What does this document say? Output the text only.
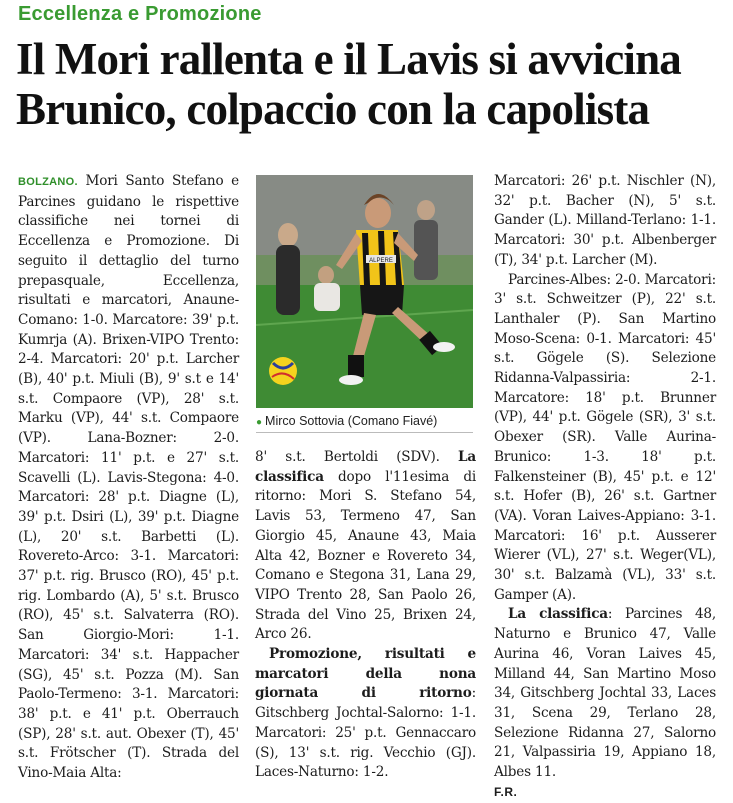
Eccellenza e Promozione
Il Mori rallenta e il Lavis si avvicina
Brunico, colpaccio con la capolista

BOLZANO. Mori Santo Stefano e Parcines guidano le rispettive classifiche nei tornei di Eccellenza e Promozione. Di seguito il dettaglio del turno prepasquale, Eccellenza, risultati e marcatori, Anaune-Comano: 1-0. Marcatore: 39' p.t. Kumrja (A). Brixen-VIPO Trento: 2-4. Marcatori: 20' p.t. Larcher (B), 40' p.t. Miuli (B), 9' s.t e 14' s.t. Compaore (VP), 28' s.t. Marku (VP), 44' s.t. Compaore (VP). Lana-Bozner: 2-0. Marcatori: 11' p.t. e 27' s.t. Scavelli (L). Lavis-Stegona: 4-0. Marcatori: 28' p.t. Diagne (L), 39' p.t. Dsiri (L), 39' p.t. Diagne (L), 20' s.t. Barbetti (L). Rovereto-Arco: 3-1. Marcatori: 37' p.t. rig. Brusco (RO), 45' p.t. rig. Lombardo (A), 5' s.t. Brusco (RO), 45' s.t. Salvaterra (RO). San Giorgio-Mori: 1-1. Marcatori: 34' s.t. Happacher (SG), 45' s.t. Pozza (M). San Paolo-Termeno: 3-1. Marcatori: 38' p.t. e 41' p.t. Oberrauch (SP), 28' s.t. aut. Obexer (T), 45' s.t. Frötscher (T). Strada del Vino-Maia Alta:

ALPERE
● Mirco Sottovia (Comano Fiavé)

8' s.t. Bertoldi (SDV). La classifica dopo l'11esima di ritorno: Mori S. Stefano 54, Lavis 53, Termeno 47, San Giorgio 45, Anaune 43, Maia Alta 42, Bozner e Rovereto 34, Comano e Stegona 31, Lana 29, VIPO Trento 28, San Paolo 26, Strada del Vino 25, Brixen 24, Arco 26.

Promozione, risultati e marcatori della nona giornata di ritorno: Gitschberg Jochtal-Salorno: 1-1. Marcatori: 25' p.t. Gennaccaro (S), 13' s.t. rig. Vecchio (GJ). Laces-Naturno: 1-2.

Marcatori: 26' p.t. Nischler (N), 32' p.t. Bacher (N), 5' s.t. Gander (L). Milland-Terlano: 1-1. Marcatori: 30' p.t. Albenberger (T), 34' p.t. Larcher (M).

Parcines-Albes: 2-0. Marcatori: 3' s.t. Schweitzer (P), 22' s.t. Lanthaler (P). San Martino Moso-Scena: 0-1. Marcatori: 45' s.t. Gögele (S). Selezione Ridanna-Valpassiria: 2-1. Marcatore: 18' p.t. Brunner (VP), 44' p.t. Gögele (SR), 3' s.t. Obexer (SR). Valle Aurina-Brunico: 1-3. 18' p.t. Falkensteiner (B), 45' p.t. e 12' s.t. Hofer (B), 26' s.t. Gartner (VA). Voran Laives-Appiano: 3-1. Marcatori: 16' p.t. Ausserer Wierer (VL), 27' s.t. Weger(VL), 30' s.t. Balzamà (VL), 33' s.t. Gamper (A).

La classifica: Parcines 48, Naturno e Brunico 47, Valle Aurina 46, Voran Laives 45, Milland 44, San Martino Moso 34, Gitschberg Jochtal 33, Laces 31, Scena 29, Terlano 28, Selezione Ridanna 27, Salorno 21, Valpassiria 19, Appiano 18, Albes 11.

F.R.
